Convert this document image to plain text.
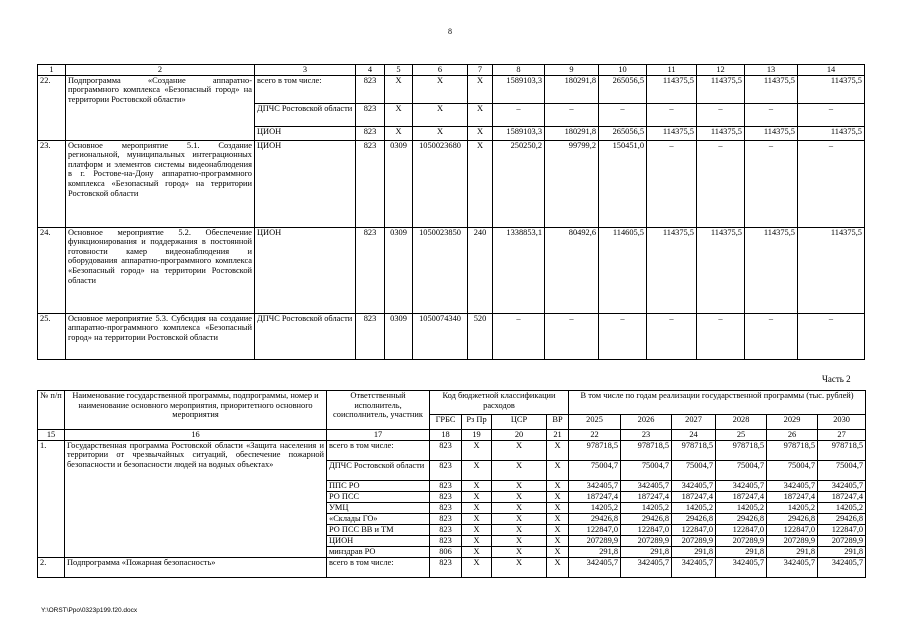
8
1	2	3	4	5	6	7	8	9	10	11	12	13	14
22.	Подпрограмма «Создание аппаратно-программного комплекса «Безопасный город» на территории Ростовской области»	всего в том числе:	823	Х	Х	Х	1589103,3	180291,8	265056,5	114375,5	114375,5	114375,5	114375,5
		ДПЧС Ростовской области	823	Х	Х	Х	–	–	–	–	–	–	–
		ЦИОН	823	Х	Х	Х	1589103,3	180291,8	265056,5	114375,5	114375,5	114375,5	114375,5
23.	Основное мероприятие 5.1. Создание региональной, муниципальных интеграционных платформ и элементов системы видеонаблюдения в г. Ростове-на-Дону аппаратно-программного комплекса «Безопасный город» на территории Ростовской области	ЦИОН	823	0309	1050023680	Х	250250,2	99799,2	150451,0	–	–	–	–
24.	Основное мероприятие 5.2. Обеспечение функционирования и поддержания в постоянной готовности камер видеонаблюдения и оборудования аппаратно-программного комплекса «Безопасный город» на территории Ростовской области	ЦИОН	823	0309	1050023850	240	1338853,1	80492,6	114605,5	114375,5	114375,5	114375,5	114375,5
25.	Основное мероприятие 5.3. Субсидия на создание аппаратно-программного комплекса «Безопасный город» на территории Ростовской области	ДПЧС Ростовской области	823	0309	1050074340	520	–	–	–	–	–	–	–
Часть 2
№ п/п	Наименование государственной программы, подпрограммы, номер и наименование основного мероприятия, приоритетного основного мероприятия	Ответственный исполнитель, соисполнитель, участник	Код бюджетной классификации расходов				В том числе по годам реализации государственной программы (тыс. рублей)					
			ГРБС	Рз Пр	ЦСР	ВР	2025	2026	2027	2028	2029	2030
15	16	17	18	19	20	21	22	23	24	25	26	27
1.	Государственная программа Ростовской области «Защита населения и территории от чрезвычайных ситуаций, обеспечение пожарной безопасности и безопасности людей на водных объектах»	всего в том числе:	823	Х	Х	Х	978718,5	978718,5	978718,5	978718,5	978718,5	978718,5
		ДПЧС Ростовской области	823	Х	Х	Х	75004,7	75004,7	75004,7	75004,7	75004,7	75004,7
		ППС РО	823	Х	Х	Х	342405,7	342405,7	342405,7	342405,7	342405,7	342405,7
		РО ПСС	823	Х	Х	Х	187247,4	187247,4	187247,4	187247,4	187247,4	187247,4
		УМЦ	823	Х	Х	Х	14205,2	14205,2	14205,2	14205,2	14205,2	14205,2
		«Склады ГО»	823	Х	Х	Х	29426,8	29426,8	29426,8	29426,8	29426,8	29426,8
		РО ПСС ВВ и ТМ	823	Х	Х	Х	122847,0	122847,0	122847,0	122847,0	122847,0	122847,0
		ЦИОН	823	Х	Х	Х	207289,9	207289,9	207289,9	207289,9	207289,9	207289,9
		минздрав РО	806	Х	Х	Х	291,8	291,8	291,8	291,8	291,8	291,8
2.	Подпрограмма «Пожарная безопасность»	всего в том числе:	823	Х	Х	Х	342405,7	342405,7	342405,7	342405,7	342405,7	342405,7
Y:\ORST\Ppo\0323p199.f20.docx
